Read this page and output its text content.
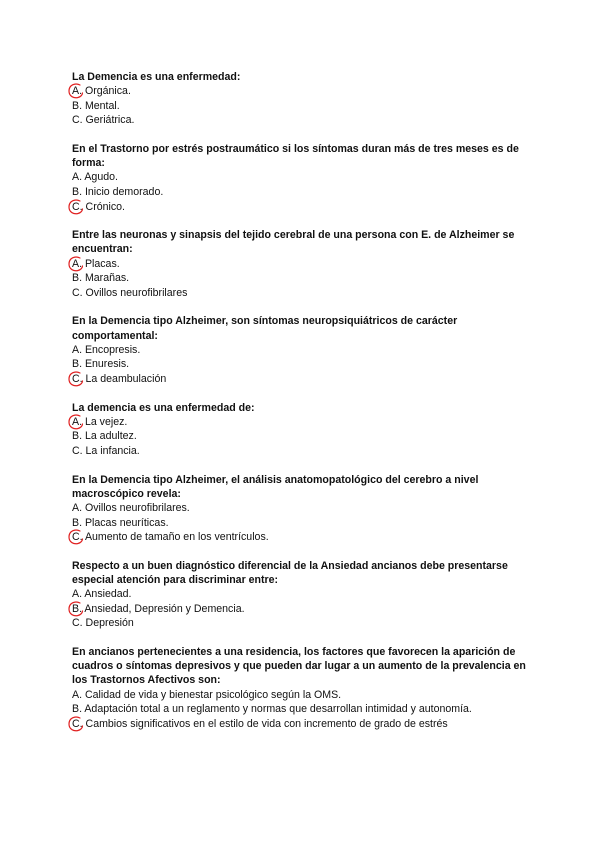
La Demencia es una enfermedad:
A. Orgánica.
B. Mental.
C. Geriátrica.
En el Trastorno por estrés postraumático si los síntomas duran más de tres meses es de forma:
A. Agudo.
B. Inicio demorado.
C. Crónico.
Entre las neuronas y sinapsis del tejido cerebral de una persona con E. de Alzheimer se encuentran:
A. Placas.
B. Marañas.
C. Ovillos neurofibrilares
En la Demencia tipo Alzheimer, son síntomas neuropsiquiátricos de carácter comportamental:
A. Encopresis.
B. Enuresis.
C. La deambulación
La demencia es una enfermedad de:
A. La vejez.
B. La adultez.
C. La infancia.
En la Demencia tipo Alzheimer, el análisis anatomopatológico del cerebro a nivel macroscópico revela:
A. Ovillos neurofibrilares.
B. Placas neuríticas.
C. Aumento de tamaño en los ventrículos.
Respecto a un buen diagnóstico diferencial de la Ansiedad ancianos debe presentarse especial atención para discriminar entre:
A. Ansiedad.
B. Ansiedad, Depresión y Demencia.
C. Depresión
En ancianos pertenecientes a una residencia, los factores que favorecen la aparición de cuadros o síntomas depresivos y que pueden dar lugar a un aumento de la prevalencia en los Trastornos Afectivos son:
A. Calidad de vida y bienestar psicológico según la OMS.
B. Adaptación total a un reglamento y normas que desarrollan intimidad y autonomía.
C. Cambios significativos en el estilo de vida con incremento de grado de estrés
